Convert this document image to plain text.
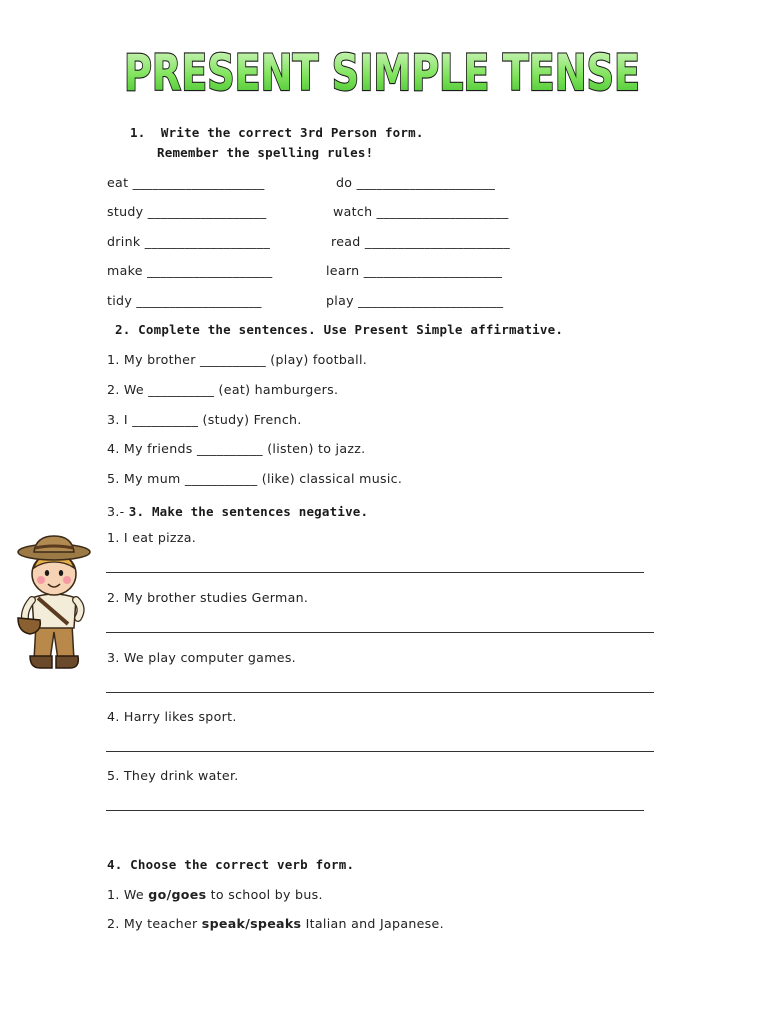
PRESENT SIMPLE TENSE
1.  Write the correct 3rd Person form.
Remember the spelling rules!
eat ____________________	do _____________________
study __________________	watch ____________________
drink ___________________	read ______________________
make ___________________	learn _____________________
tidy ___________________	play ______________________
2. Complete the sentences. Use Present Simple affirmative.
1. My brother __________ (play) football.
2. We __________ (eat) hamburgers.
3. I __________ (study) French.
4. My friends __________ (listen) to jazz.
5. My mum ___________ (like) classical music.
3.- 3. Make the sentences negative.
1. I eat pizza.
2. My brother studies German.
3. We play computer games.
4. Harry likes sport.
5. They drink water.
4. Choose the correct verb form.
1. We go/goes to school by bus.
2. My teacher speak/speaks Italian and Japanese.
